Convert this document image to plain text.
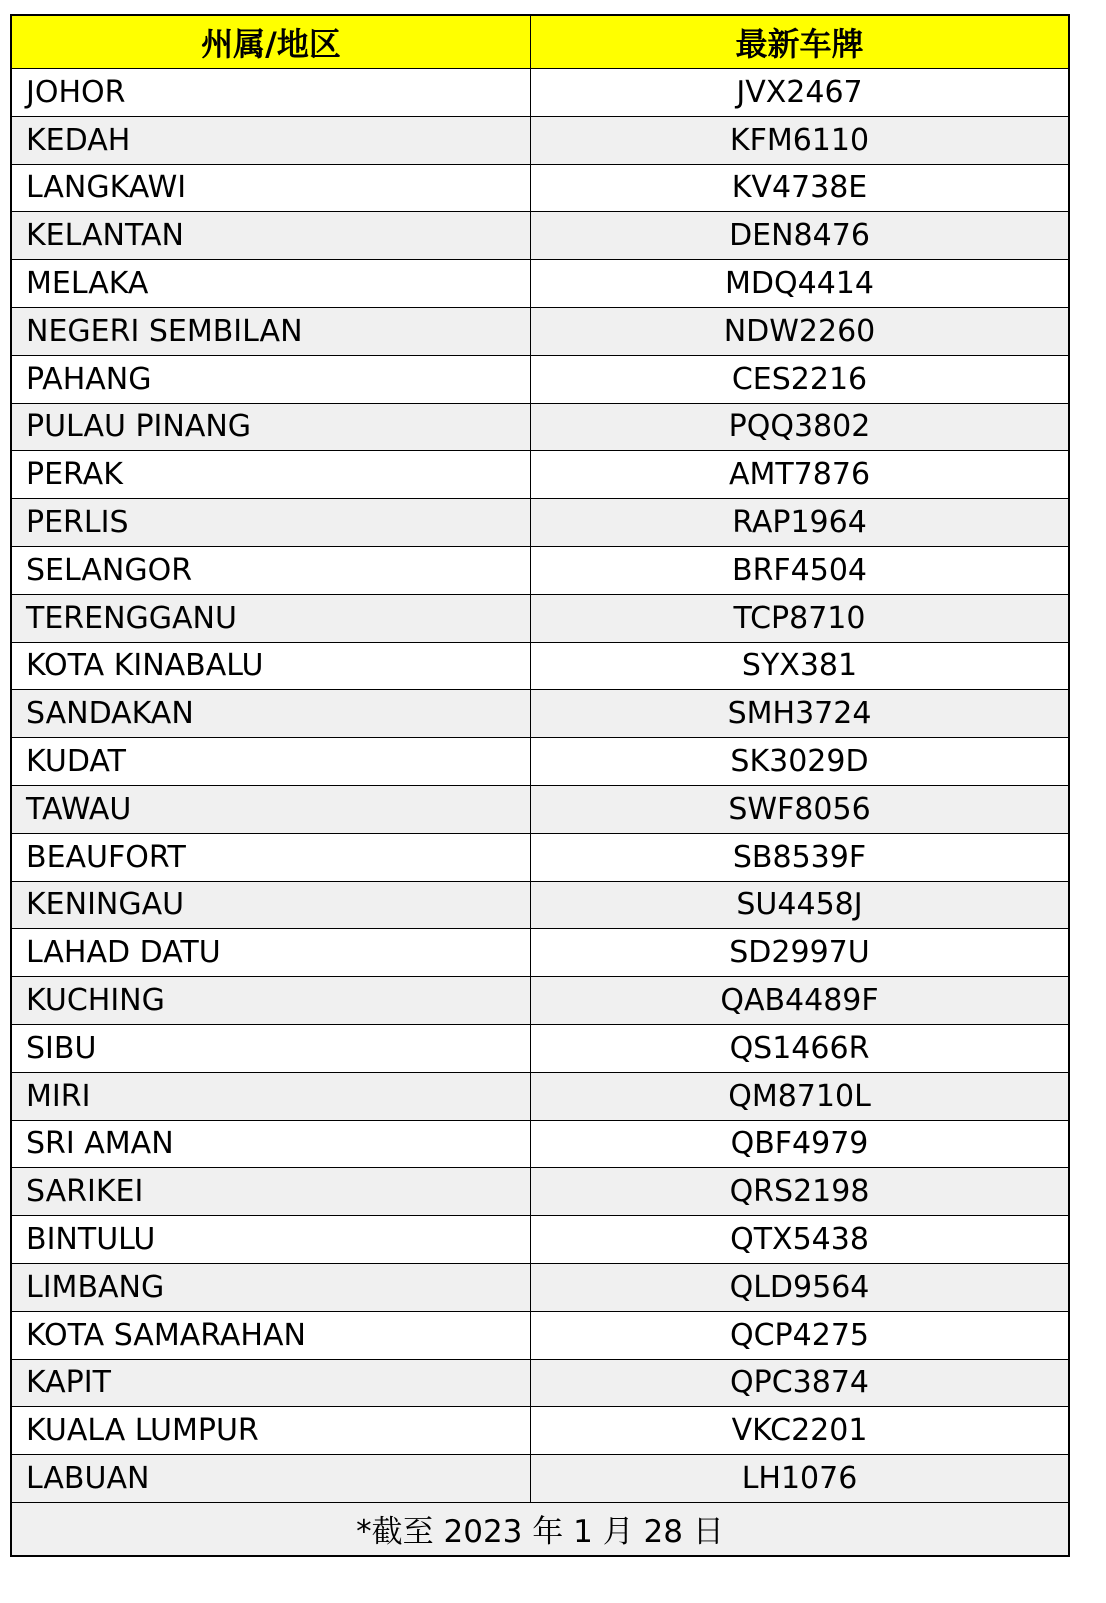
州属/地区	最新车牌
JOHOR	JVX2467
KEDAH	KFM6110
LANGKAWI	KV4738E
KELANTAN	DEN8476
MELAKA	MDQ4414
NEGERI SEMBILAN	NDW2260
PAHANG	CES2216
PULAU PINANG	PQQ3802
PERAK	AMT7876
PERLIS	RAP1964
SELANGOR	BRF4504
TERENGGANU	TCP8710
KOTA KINABALU	SYX381
SANDAKAN	SMH3724
KUDAT	SK3029D
TAWAU	SWF8056
BEAUFORT	SB8539F
KENINGAU	SU4458J
LAHAD DATU	SD2997U
KUCHING	QAB4489F
SIBU	QS1466R
MIRI	QM8710L
SRI AMAN	QBF4979
SARIKEI	QRS2198
BINTULU	QTX5438
LIMBANG	QLD9564
KOTA SAMARAHAN	QCP4275
KAPIT	QPC3874
KUALA LUMPUR	VKC2201
LABUAN	LH1076
*截至 2023 年 1 月 28 日
